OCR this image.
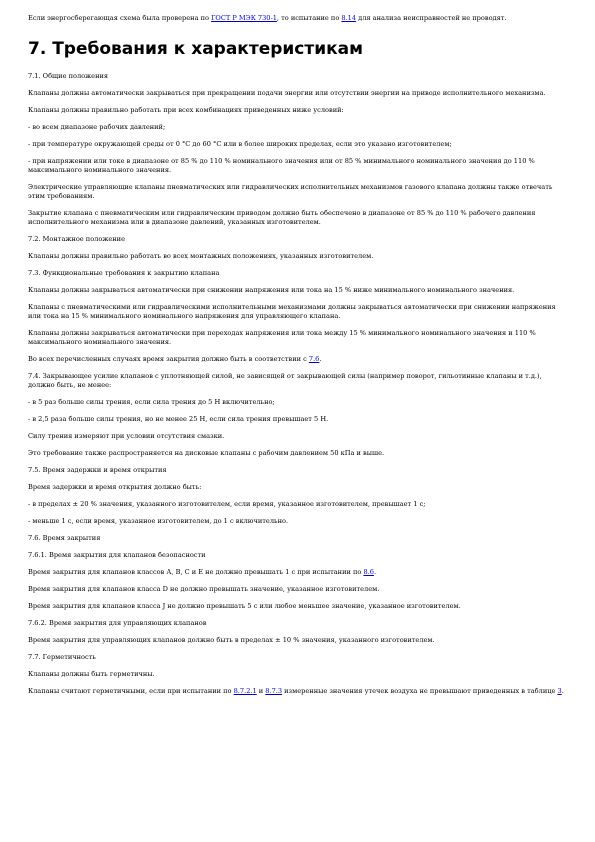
Если энергосберегающая схема была проверена по ГОСТ Р МЭК 730-1, то испытание по 8.14 для анализа неисправностей не проводят.

7. Требования к характеристикам

7.1. Общие положения

Клапаны должны автоматически закрываться при прекращении подачи энергии или отсутствии энергии на приводе исполнительного механизма.

Клапаны должны правильно работать при всех комбинациях приведенных ниже условий:

- во всем диапазоне рабочих давлений;

- при температуре окружающей среды от 0 °С до 60 °С или в более широких пределах, если это указано изготовителем;

- при напряжении или токе в диапазоне от 85 % до 110 % номинального значения или от 85 % минимального номинального значения до 110 % максимального номинального значения.

Электрические управляющие клапаны пневматических или гидравлических исполнительных механизмов газового клапана должны также отвечать этим требованиям.

Закрытие клапана с пневматическим или гидравлическим приводом должно быть обеспечено в диапазоне от 85 % до 110 % рабочего давления исполнительного механизма или в диапазоне давлений, указанных изготовителем.

7.2. Монтажное положение

Клапаны должны правильно работать во всех монтажных положениях, указанных изготовителем.

7.3. Функциональные требования к закрытию клапана

Клапаны должны закрываться автоматически при снижении напряжения или тока на 15 % ниже минимального номинального значения.

Клапаны с пневматическими или гидравлическими исполнительными механизмами должны закрываться автоматически при снижении напряжения или тока на 15 % минимального номинального напряжения для управляющего клапана.

Клапаны должны закрываться автоматически при переходах напряжения или тока между 15 % минимального номинального значения и 110 % максимального номинального значения.

Во всех перечисленных случаях время закрытия должно быть в соответствии с 7.6.

7.4. Закрывающее усилие клапанов с уплотняющей силой, не зависящей от закрывающей силы (например поворот, гильотинные клапаны и т.д.), должно быть, не менее:

- в 5 раз больше силы трения, если сила трения до 5 Н включительно;

- в 2,5 раза больше силы трения, но не менее 25 Н, если сила трения превышает 5 Н.

Силу трения измеряют при условии отсутствия смазки.

Это требование также распространяется на дисковые клапаны с рабочим давлением 50 кПа и выше.

7.5. Время задержки и время открытия

Время задержки и время открытия должно быть:

- в пределах ± 20 % значения, указанного изготовителем, если время, указанное изготовителем, превышает 1 с;

- меньше 1 с, если время, указанное изготовителем, до 1 с включительно.

7.6. Время закрытия

7.6.1. Время закрытия для клапанов безопасности

Время закрытия для клапанов классов А, В, С и Е не должно превышать 1 с при испытании по 8.6.

Время закрытия для клапанов класса D не должно превышать значение, указанное изготовителем.

Время закрытия для клапанов класса J не должно превышать 5 с или любое меньшее значение, указанное изготовителем.

7.6.2. Время закрытия для управляющих клапанов

Время закрытия для управляющих клапанов должно быть в пределах ± 10 % значения, указанного изготовителем.

7.7. Герметичность

Клапаны должны быть герметичны.

Клапаны считают герметичными, если при испытании по 8.7.2.1 и 8.7.3 измеренные значения утечек воздуха не превышают приведенных в таблице 3.
